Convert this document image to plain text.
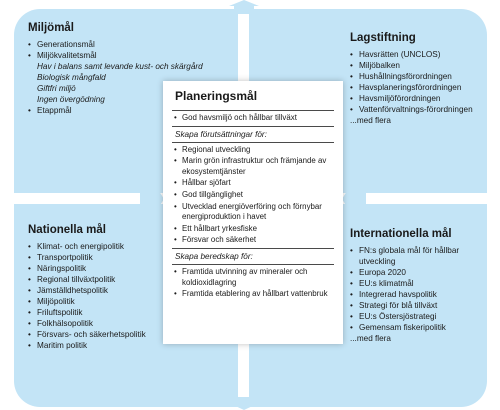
Miljömål
• Generationsmål
• Miljökvalitetsmål
Hav i balans samt levande kust- och skärgård
Biologisk mångfald
Giftfri miljö
Ingen övergödning
• Etappmål
Lagstiftning
• Havsrätten (UNCLOS)
• Miljöbalken
• Hushållningsförordningen
• Havsplaneringsförordningen
• Havsmiljöförordningen
• Vattenförvaltnings-förordningen
...med flera
Nationella mål
• Klimat- och energipolitik
• Transportpolitik
• Näringspolitik
• Regional tillväxtpolitik
• Jämställdhetspolitik
• Miljöpolitik
• Friluftspolitik
• Folkhälsopolitik
• Försvars- och säkerhetspolitik
• Maritim politik
Internationella mål
• FN:s globala mål för hållbar utveckling
• Europa 2020
• EU:s klimatmål
• Integrerad havspolitik
• Strategi för blå tillväxt
• EU:s Östersjöstrategi
• Gemensam fiskeripolitik
...med flera
Planeringsmål
• God havsmiljö och hållbar tillväxt
Skapa förutsättningar för:
• Regional utveckling
• Marin grön infrastruktur och främjande av ekosystemtjänster
• Hållbar sjöfart
• God tillgänglighet
• Utvecklad energiöverföring och förnybar energiproduktion i havet
• Ett hållbart yrkesfiske
• Försvar och säkerhet
Skapa beredskap för:
• Framtida utvinning av mineraler och koldioxidlagring
• Framtida etablering av hållbart vattenbruk
